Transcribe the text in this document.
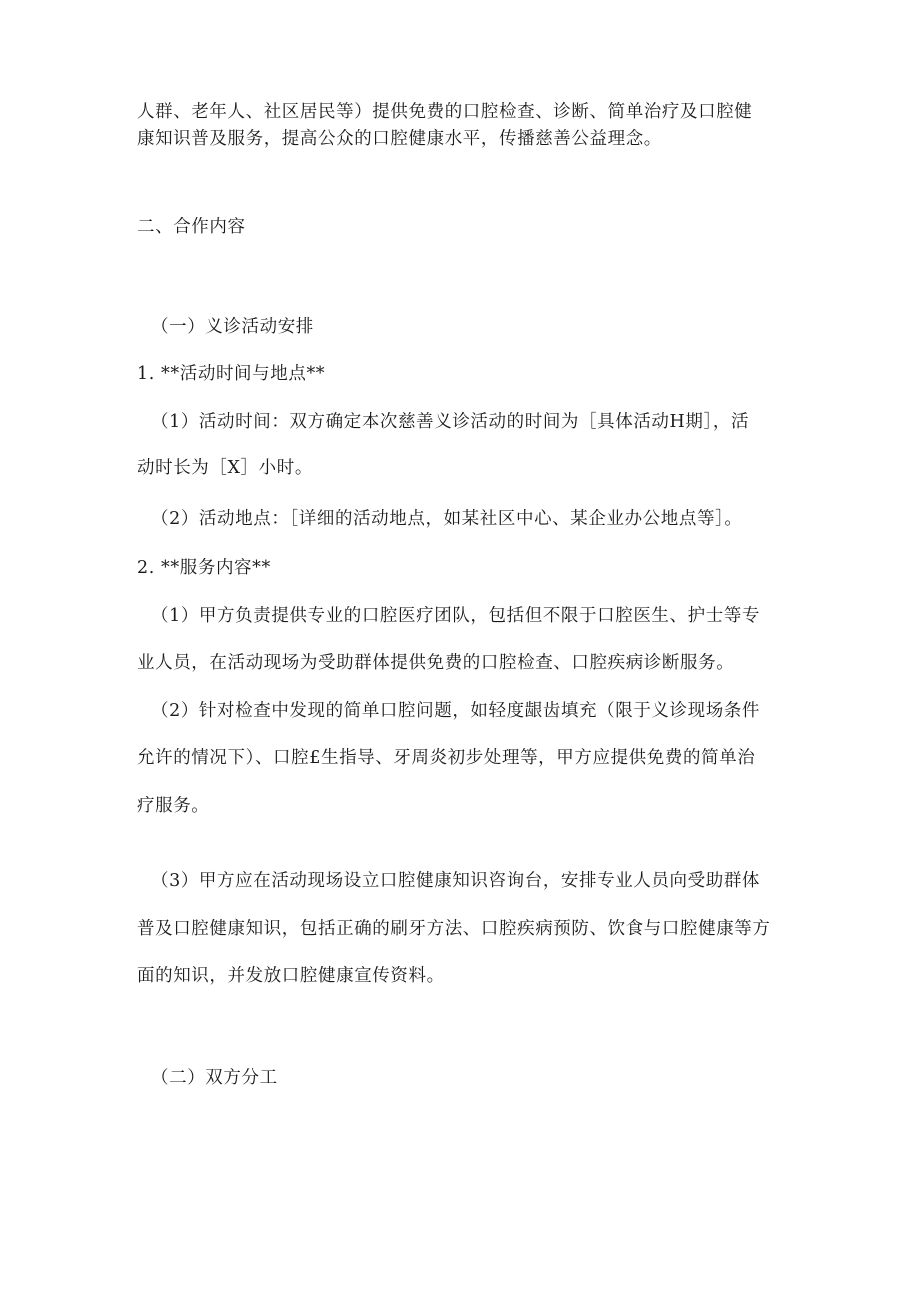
人群、老年人、社区居民等）提供免费的口腔检查、诊断、简单治疗及口腔健
康知识普及服务，提高公众的口腔健康水平，传播慈善公益理念。
二、合作内容
（一）义诊活动安排
1. **活动时间与地点**
（1）活动时间：双方确定本次慈善义诊活动的时间为［具体活动H期］，活
动时长为［X］小时。
（2）活动地点：［详细的活动地点，如某社区中心、某企业办公地点等］。
2. **服务内容**
（1）甲方负责提供专业的口腔医疗团队，包括但不限于口腔医生、护士等专
业人员，在活动现场为受助群体提供免费的口腔检查、口腔疾病诊断服务。
（2）针对检查中发现的简单口腔问题，如轻度龈齿填充（限于义诊现场条件
允许的情况下）、口腔£生指导、牙周炎初步处理等，甲方应提供免费的简单治
疗服务。
（3）甲方应在活动现场设立口腔健康知识咨询台，安排专业人员向受助群体
普及口腔健康知识，包括正确的刷牙方法、口腔疾病预防、饮食与口腔健康等方
面的知识，并发放口腔健康宣传资料。
（二）双方分工
